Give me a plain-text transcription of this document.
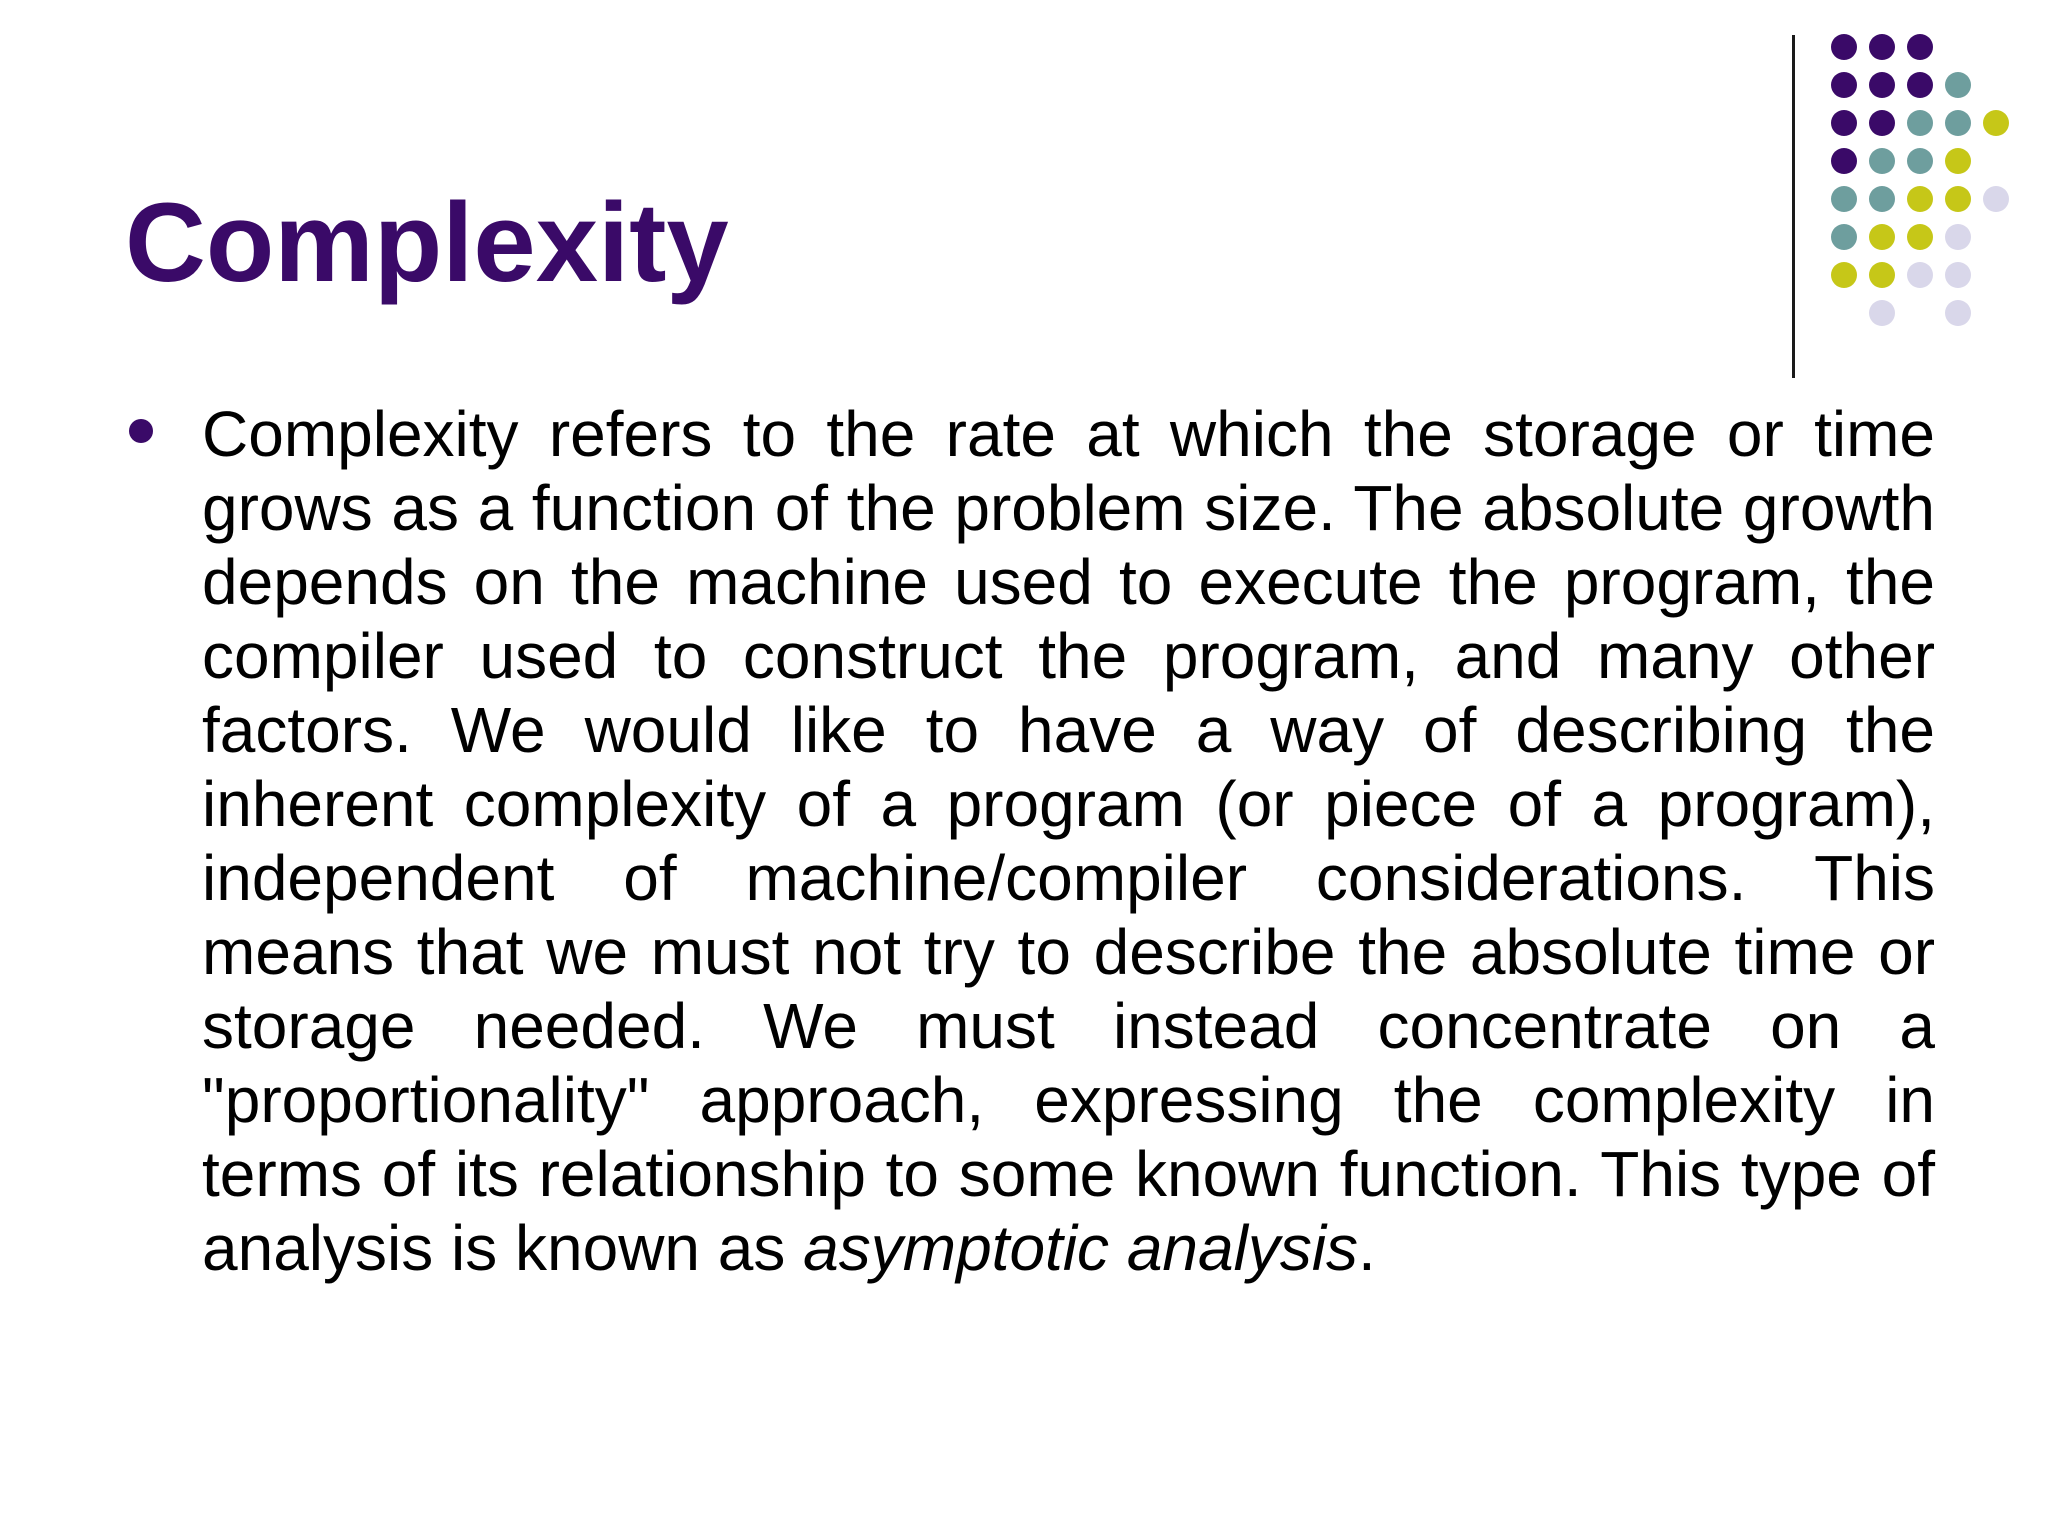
Complexity

Complexity refers to the rate at which the storage or time grows as a function of the problem size. The absolute growth depends on the machine used to execute the program, the compiler used to construct the program, and many other factors. We would like to have a way of describing the inherent complexity of a program (or piece of a program), independent of machine/compiler considerations. This means that we must not try to describe the absolute time or storage needed. We must instead concentrate on a "proportionality" approach, expressing the complexity in terms of its relationship to some known function. This type of analysis is known as asymptotic analysis.
